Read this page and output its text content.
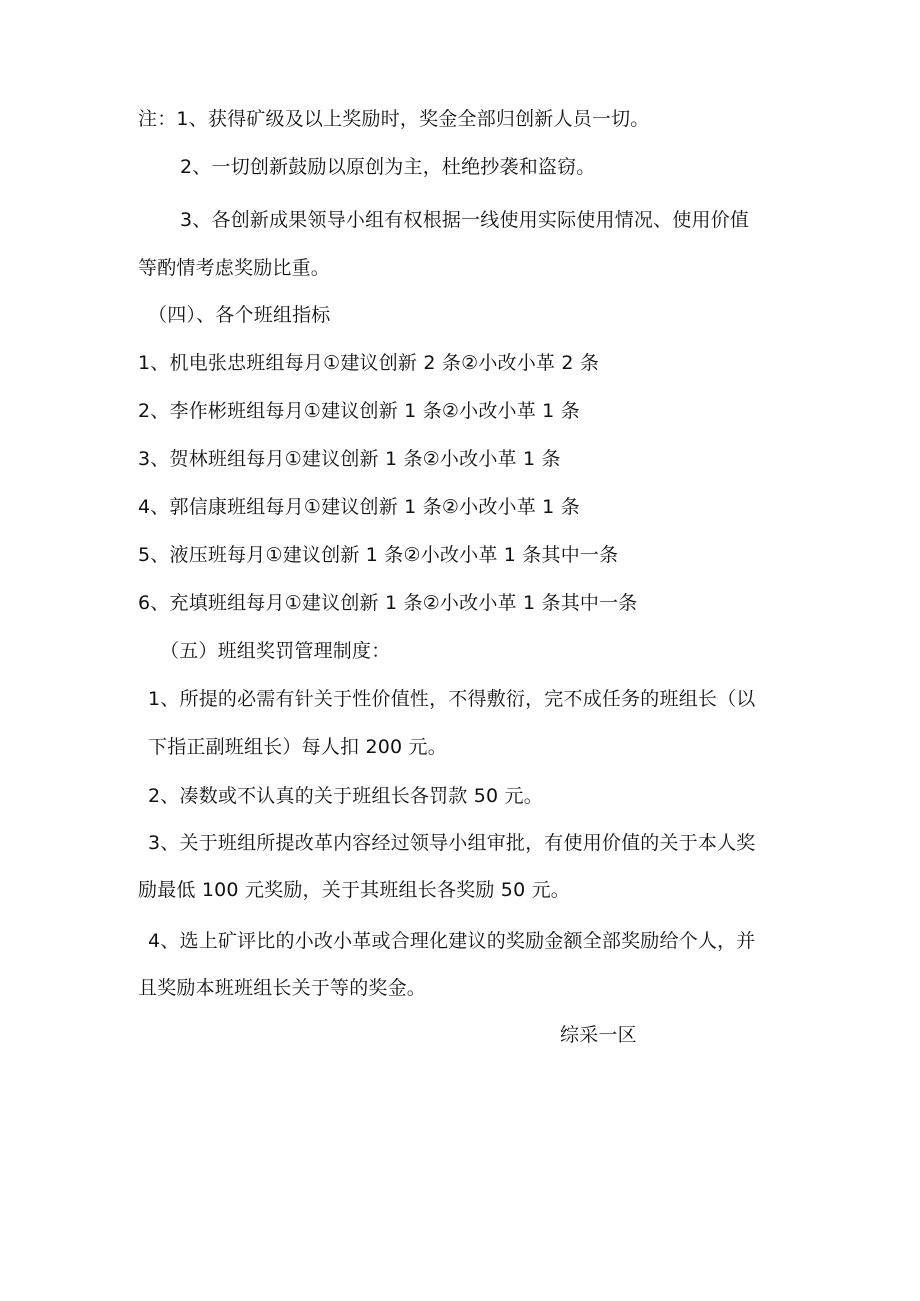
注：1、获得矿级及以上奖励时，奖金全部归创新人员一切。
2、一切创新鼓励以原创为主，杜绝抄袭和盗窃。
3、各创新成果领导小组有权根据一线使用实际使用情况、使用价值
等酌情考虑奖励比重。
（四）、各个班组指标
1、机电张忠班组每月①建议创新 2 条②小改小革 2 条
2、李作彬班组每月①建议创新 1 条②小改小革 1 条
3、贺林班组每月①建议创新 1 条②小改小革 1 条
4、郭信康班组每月①建议创新 1 条②小改小革 1 条
5、液压班每月①建议创新 1 条②小改小革 1 条其中一条
6、充填班组每月①建议创新 1 条②小改小革 1 条其中一条
（五）班组奖罚管理制度：
1、所提的必需有针关于性价值性，不得敷衍，完不成任务的班组长（以
下指正副班组长）每人扣 200 元。
2、凑数或不认真的关于班组长各罚款 50 元。
3、关于班组所提改革内容经过领导小组审批，有使用价值的关于本人奖
励最低 100 元奖励，关于其班组长各奖励 50 元。
4、选上矿评比的小改小革或合理化建议的奖励金额全部奖励给个人，并
且奖励本班班组长关于等的奖金。
综采一区
